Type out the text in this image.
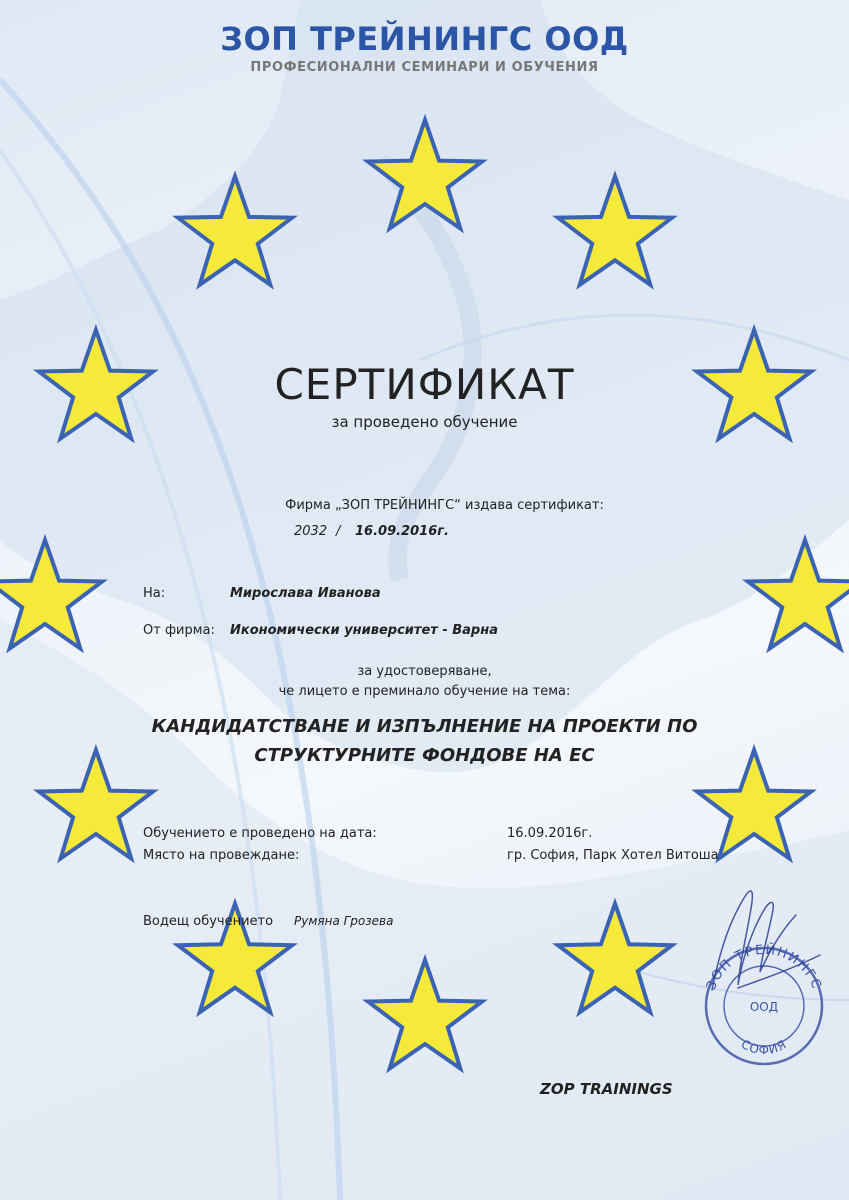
ЗОП ТРЕЙНИНГС ООД
ПРОФЕСИОНАЛНИ СЕМИНАРИ И ОБУЧЕНИЯ
СЕРТИФИКАТ
за проведено обучение
Фирма „ЗОП ТРЕЙНИНГС“ издава сертификат:
2032 / 16.09.2016г.
На:	Мирослава Иванова
От фирма: Икономически университет - Варна
за удостоверяване,
че лицето е преминало обучение на тема:
КАНДИДАТСТВАНЕ И ИЗПЪЛНЕНИЕ НА ПРОЕКТИ ПО
СТРУКТУРНИТЕ ФОНДОВЕ НА ЕС
Обучението е проведено на дата:	16.09.2016г.
Място на провеждане:	гр. София, Парк Хотел Витоша
Водещ обучението Румяна Грозева
ЗОП ТРЕЙНИНГС
ООД
СОФИЯ
ZOP TRAININGS
